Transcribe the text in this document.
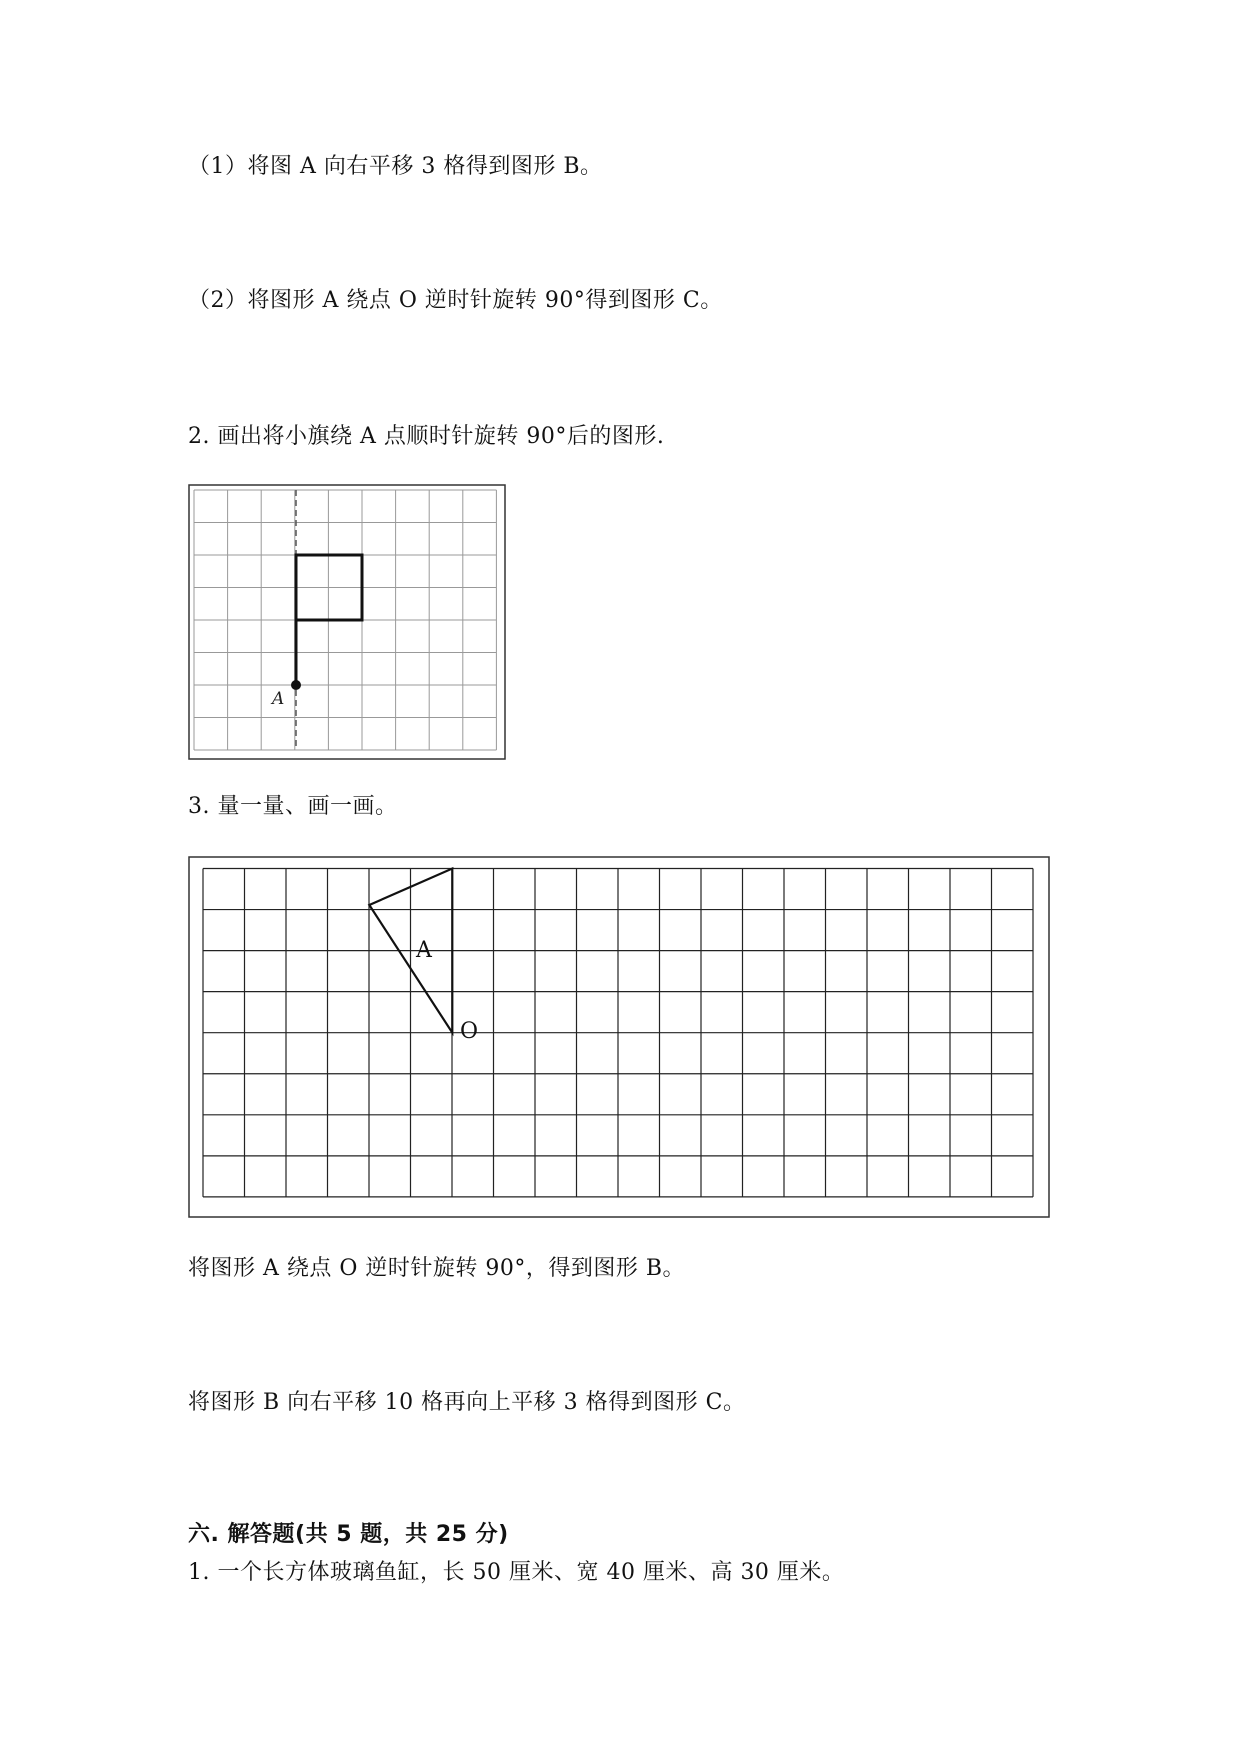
（1）将图 A 向右平移 3 格得到图形 B。
（2）将图形 A 绕点 O 逆时针旋转 90°得到图形 C。
2. 画出将小旗绕 A 点顺时针旋转 90°后的图形.
A
3. 量一量、画一画。
A
O
将图形 A 绕点 O 逆时针旋转 90°，得到图形 B。
将图形 B 向右平移 10 格再向上平移 3 格得到图形 C。
六. 解答题(共 5 题，共 25 分)
1. 一个长方体玻璃鱼缸，长 50 厘米、宽 40 厘米、高 30 厘米。
